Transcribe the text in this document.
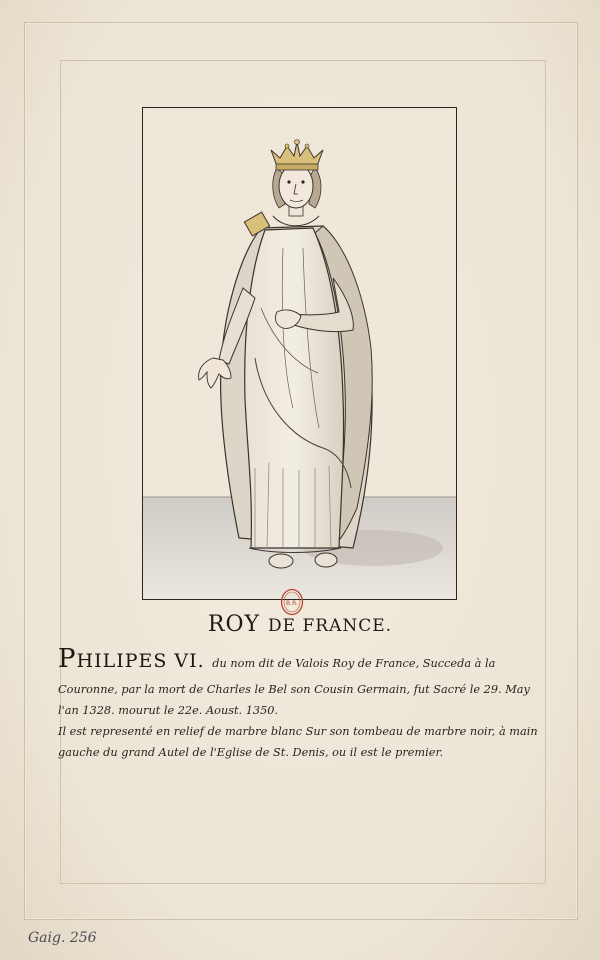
B.R.
ROY DE FRANCE.
PHILIPES VI. du nom dit de Valois Roy de France, Succeda à la
Couronne, par la mort de Charles le Bel son Cousin Germain, fut Sacré le 29. May
l'an 1328. mourut le 22e. Aoust. 1350.
Il est representé en relief de marbre blanc Sur son tombeau de marbre noir, à main
gauche du grand Autel de l'Eglise de St. Denis, ou il est le premier.
Gaig. 256
